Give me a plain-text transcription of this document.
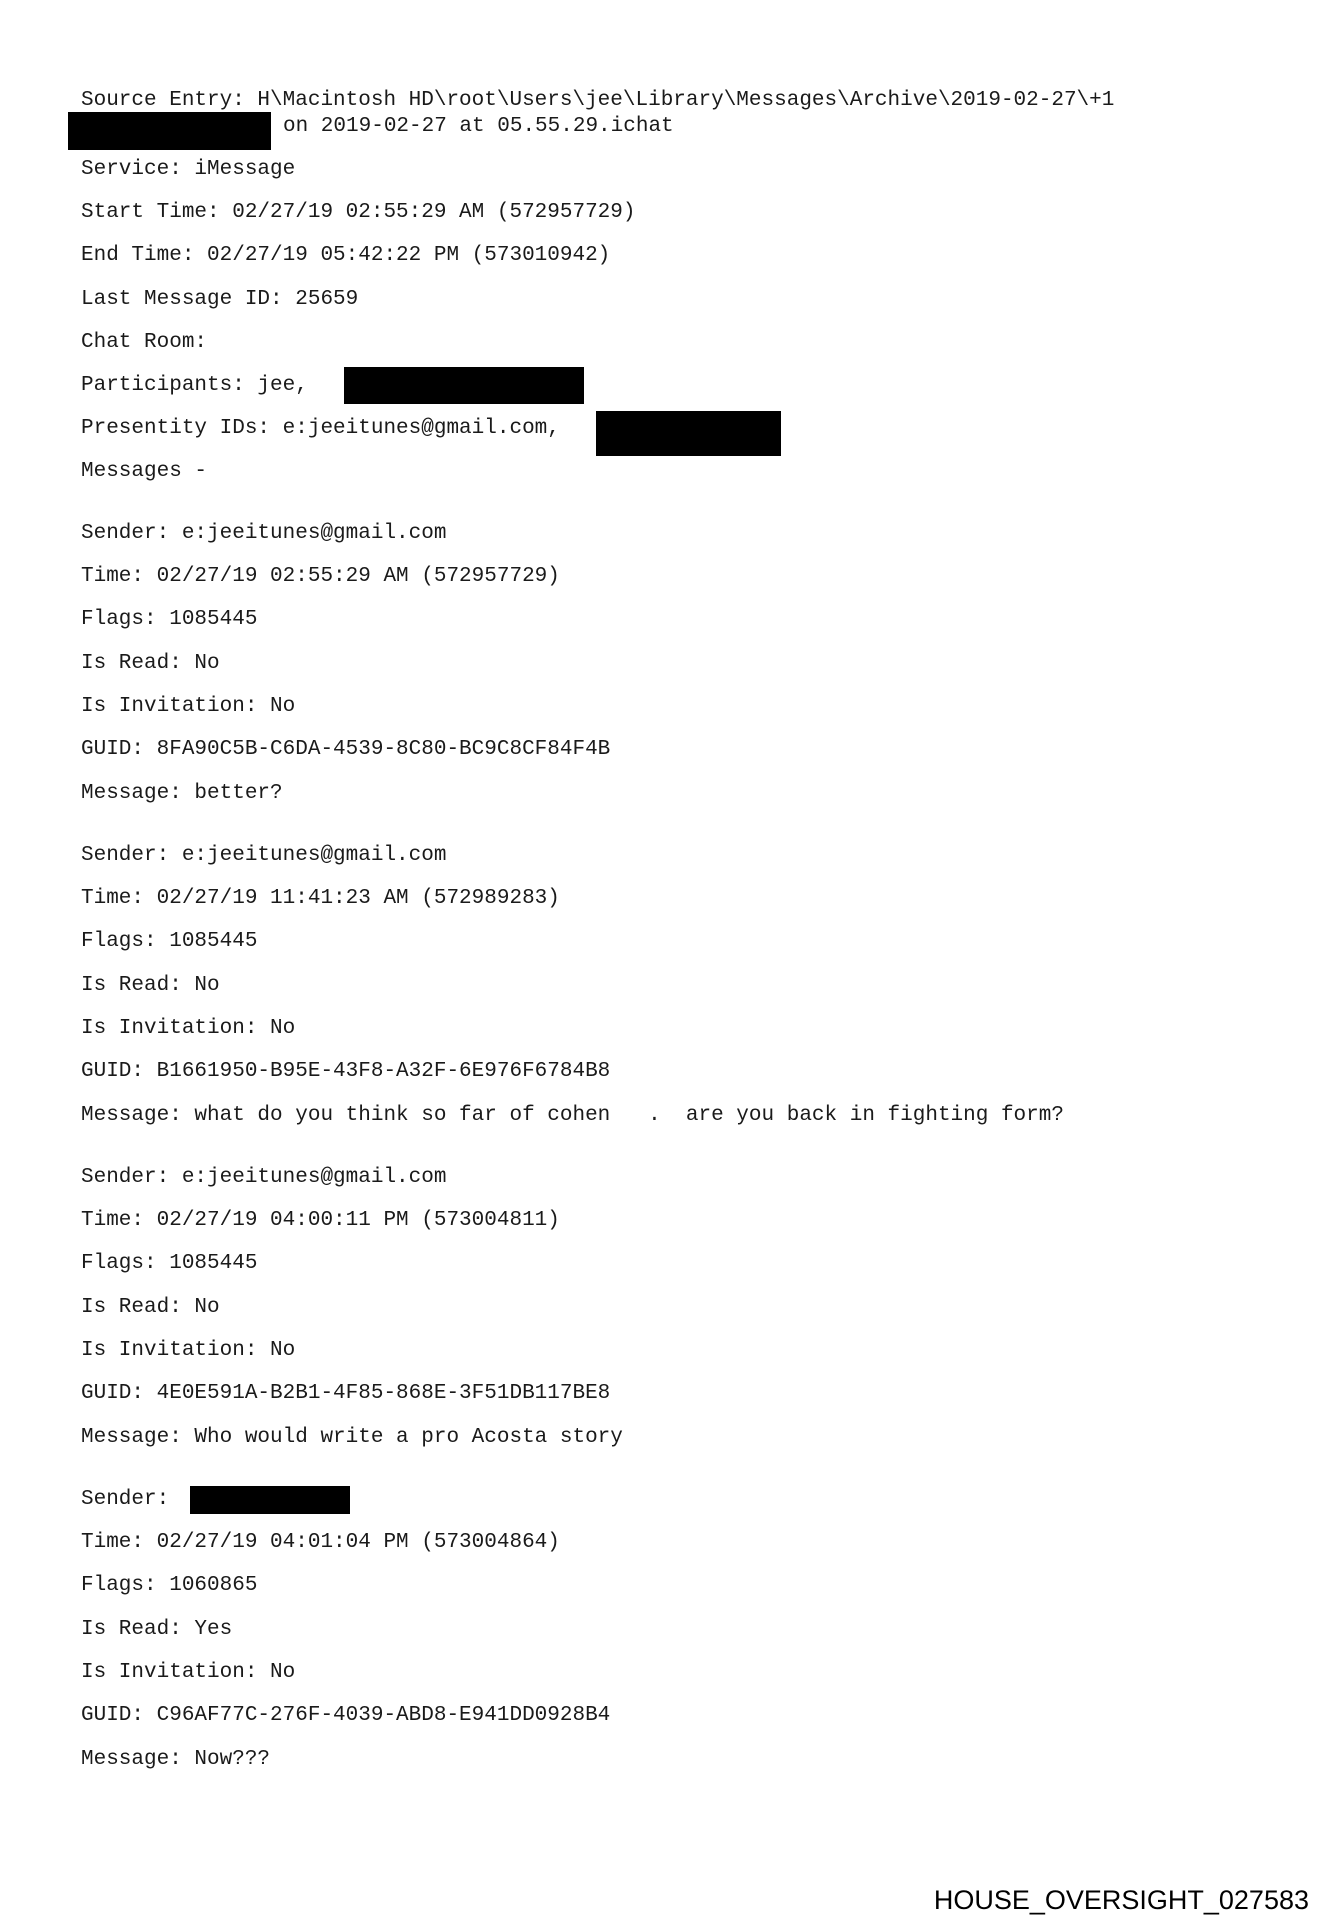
Source Entry: H\Macintosh HD\root\Users\jee\Library\Messages\Archive\2019-02-27\+1
on 2019-02-27 at 05.55.29.ichat
Service: iMessage
Start Time: 02/27/19 02:55:29 AM (572957729)
End Time: 02/27/19 05:42:22 PM (573010942)
Last Message ID: 25659
Chat Room:
Participants: jee,
Presentity IDs: e:jeeitunes@gmail.com,
Messages -
Sender: e:jeeitunes@gmail.com
Time: 02/27/19 02:55:29 AM (572957729)
Flags: 1085445
Is Read: No
Is Invitation: No
GUID: 8FA90C5B-C6DA-4539-8C80-BC9C8CF84F4B
Message: better?
Sender: e:jeeitunes@gmail.com
Time: 02/27/19 11:41:23 AM (572989283)
Flags: 1085445
Is Read: No
Is Invitation: No
GUID: B1661950-B95E-43F8-A32F-6E976F6784B8
Message: what do you think so far of cohen   .  are you back in fighting form?
Sender: e:jeeitunes@gmail.com
Time: 02/27/19 04:00:11 PM (573004811)
Flags: 1085445
Is Read: No
Is Invitation: No
GUID: 4E0E591A-B2B1-4F85-868E-3F51DB117BE8
Message: Who would write a pro Acosta story
Sender:
Time: 02/27/19 04:01:04 PM (573004864)
Flags: 1060865
Is Read: Yes
Is Invitation: No
GUID: C96AF77C-276F-4039-ABD8-E941DD0928B4
Message: Now???
HOUSE_OVERSIGHT_027583
